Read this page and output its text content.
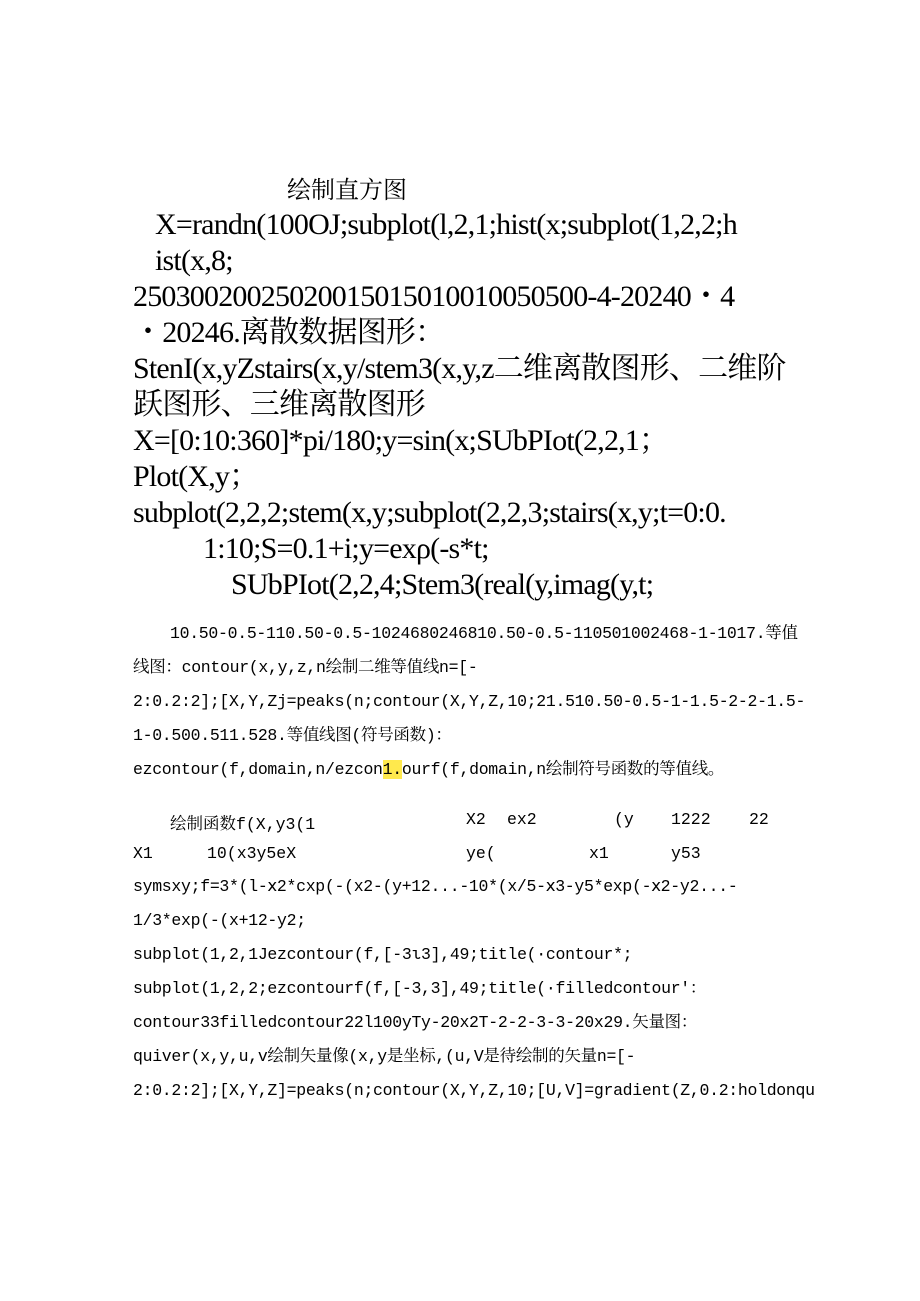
绘制直方图
X=randn(100OJ;subplot(l,2,1;hist(x;subplot(1,2,2;h
ist(x,8;
25030020025020015015010010050500-4-20240・4
・20246.离散数据图形：
StenI(x,yZstairs(x,y/stem3(x,y,z二维离散图形、二维阶
跃图形、三维离散图形
X=[0:10:360]*pi/180;y=sin(x;SUbPIot(2,2,1；
Plot(X,y；
subplot(2,2,2;stem(x,y;subplot(2,2,3;stairs(x,y;t=0:0.
1:10;S=0.1+i;y=exρ(-s*t;
SUbPIot(2,2,4;Stem3(real(y,imag(y,t;
10.50-0.5-110.50-0.5-1024680246810.50-0.5-110501002468-1-1017.等值
线图：contour(x,y,z,n绘制二维等值线n=[-
2:0.2:2];[X,Y,Zj=peaks(n;contour(X,Y,Z,10;21.510.50-0.5-1-1.5-2-2-1.5-
1-0.500.511.528.等值线图(符号函数)：
ezcontour(f,domain,n/ezcon1.ourf(f,domain,n绘制符号函数的等值线。
绘制函数f(X,y3(1	X2 ex2	(y 1222 22
X1	10(x3y5eX	ye(	x1	y53
symsxy;f=3*(l-ⅹ2*cxp(-(x2-(y+12...-10*(x/5-ⅹ3-y5*exp(-ⅹ2-y2...-
1/3*exp(-(x+12-y2;
subplot(1,2,1Jezcontour(f,[-3ι3],49;title(·contour*;
subplot(1,2,2;ezcontourf(f,[-3,3],49;title(·filledcontour'：
contour33filledcontour22l100yTy-20x2T-2-2-3-3-20x29.矢量图：
quiver(x,y,u,v绘制矢量像(x,y是坐标,(u,V是待绘制的矢量n=[-
2:0.2:2];[X,Y,Z]=peaks(n;contour(X,Y,Z,10;[U,V]=gradient(Z,0.2:holdonqu
